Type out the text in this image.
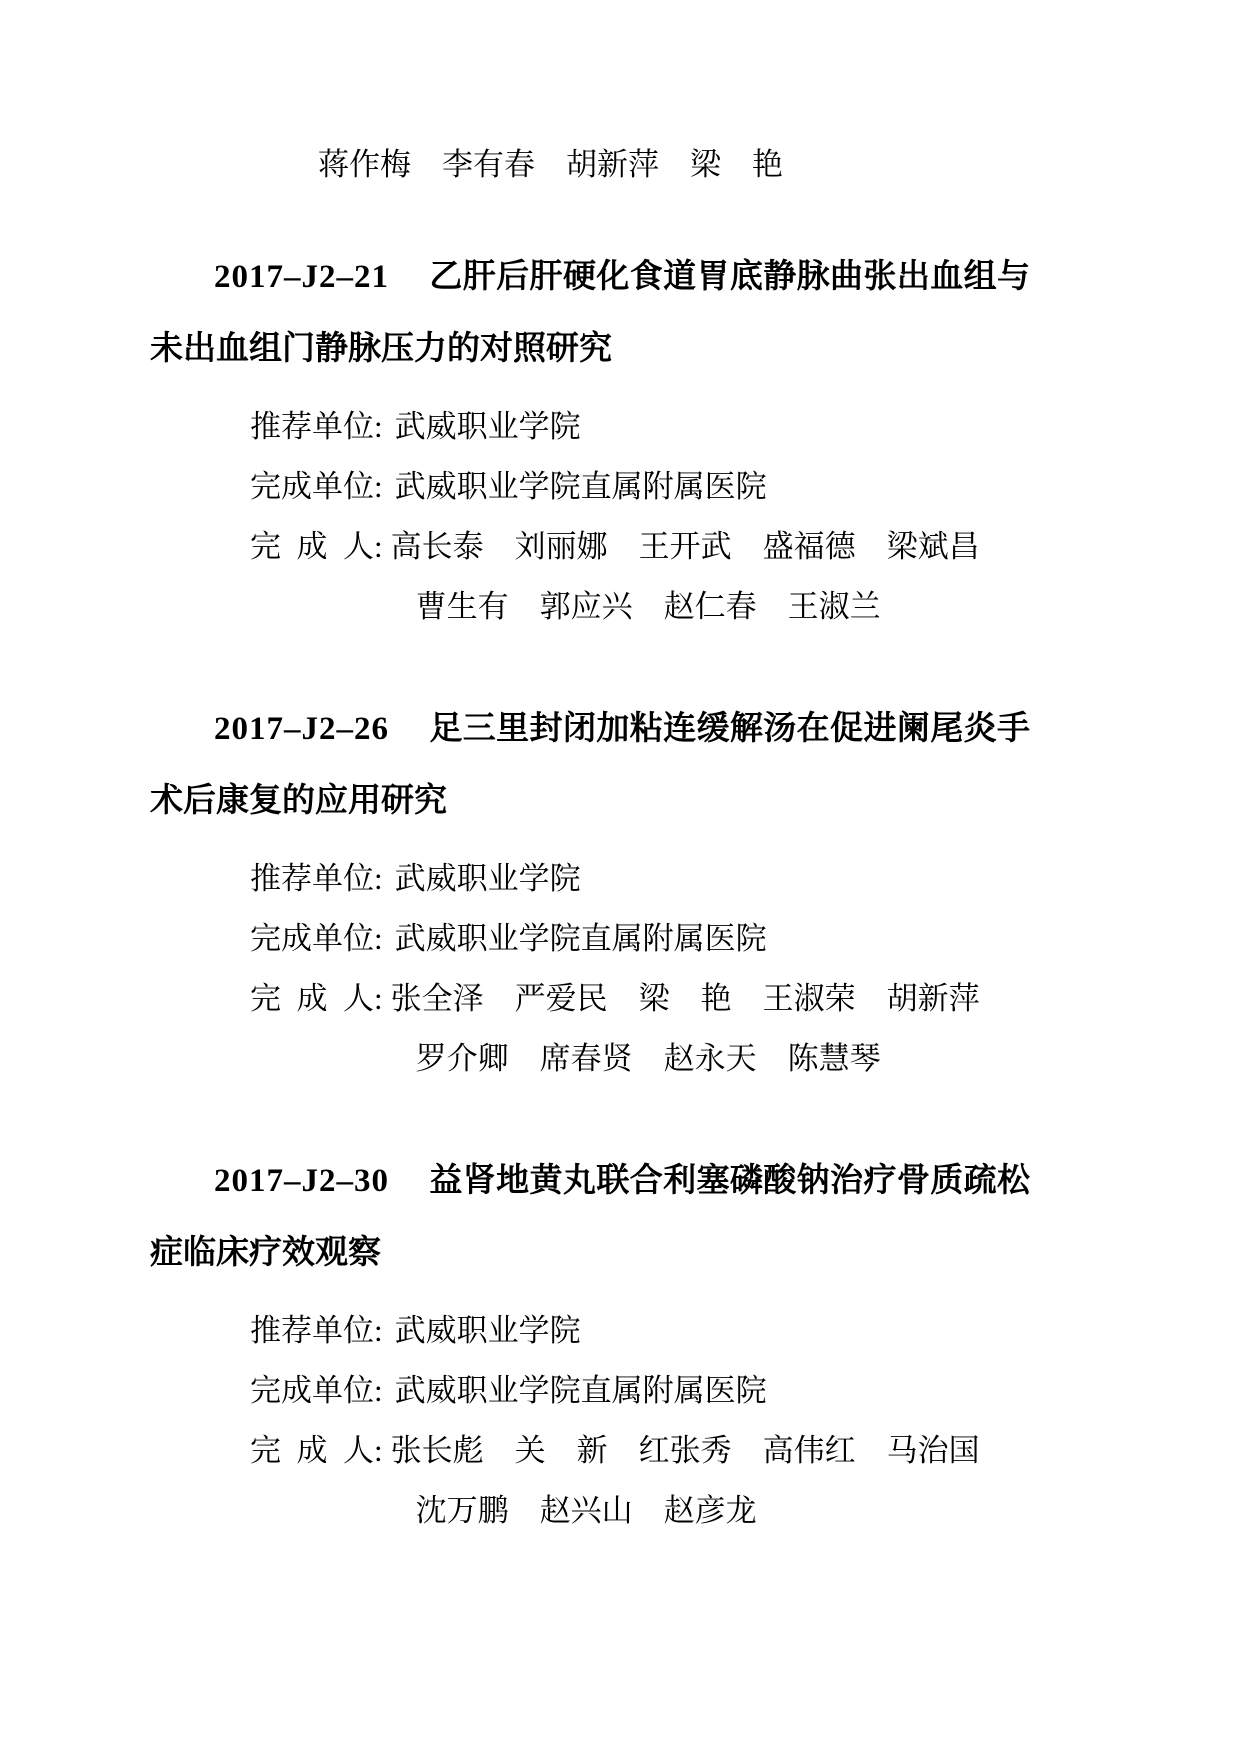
蒋作梅　李有春　胡新萍　梁　艳

2017–J2–21 乙肝后肝硬化食道胃底静脉曲张出血组与未出血组门静脉压力的对照研究

推荐单位: 武威职业学院

完成单位: 武威职业学院直属附属医院

完  成  人: 高长泰　刘丽娜　王开武　盛福德　梁斌昌

曹生有　郭应兴　赵仁春　王淑兰

2017–J2–26 足三里封闭加粘连缓解汤在促进阑尾炎手术后康复的应用研究

推荐单位: 武威职业学院

完成单位: 武威职业学院直属附属医院

完  成  人: 张全泽　严爱民　梁　艳　王淑荣　胡新萍

罗介卿　席春贤　赵永天　陈慧琴

2017–J2–30 益肾地黄丸联合利塞磷酸钠治疗骨质疏松症临床疗效观察

推荐单位: 武威职业学院

完成单位: 武威职业学院直属附属医院

完  成  人: 张长彪　关　新　红张秀　高伟红　马治国

沈万鹏　赵兴山　赵彦龙
